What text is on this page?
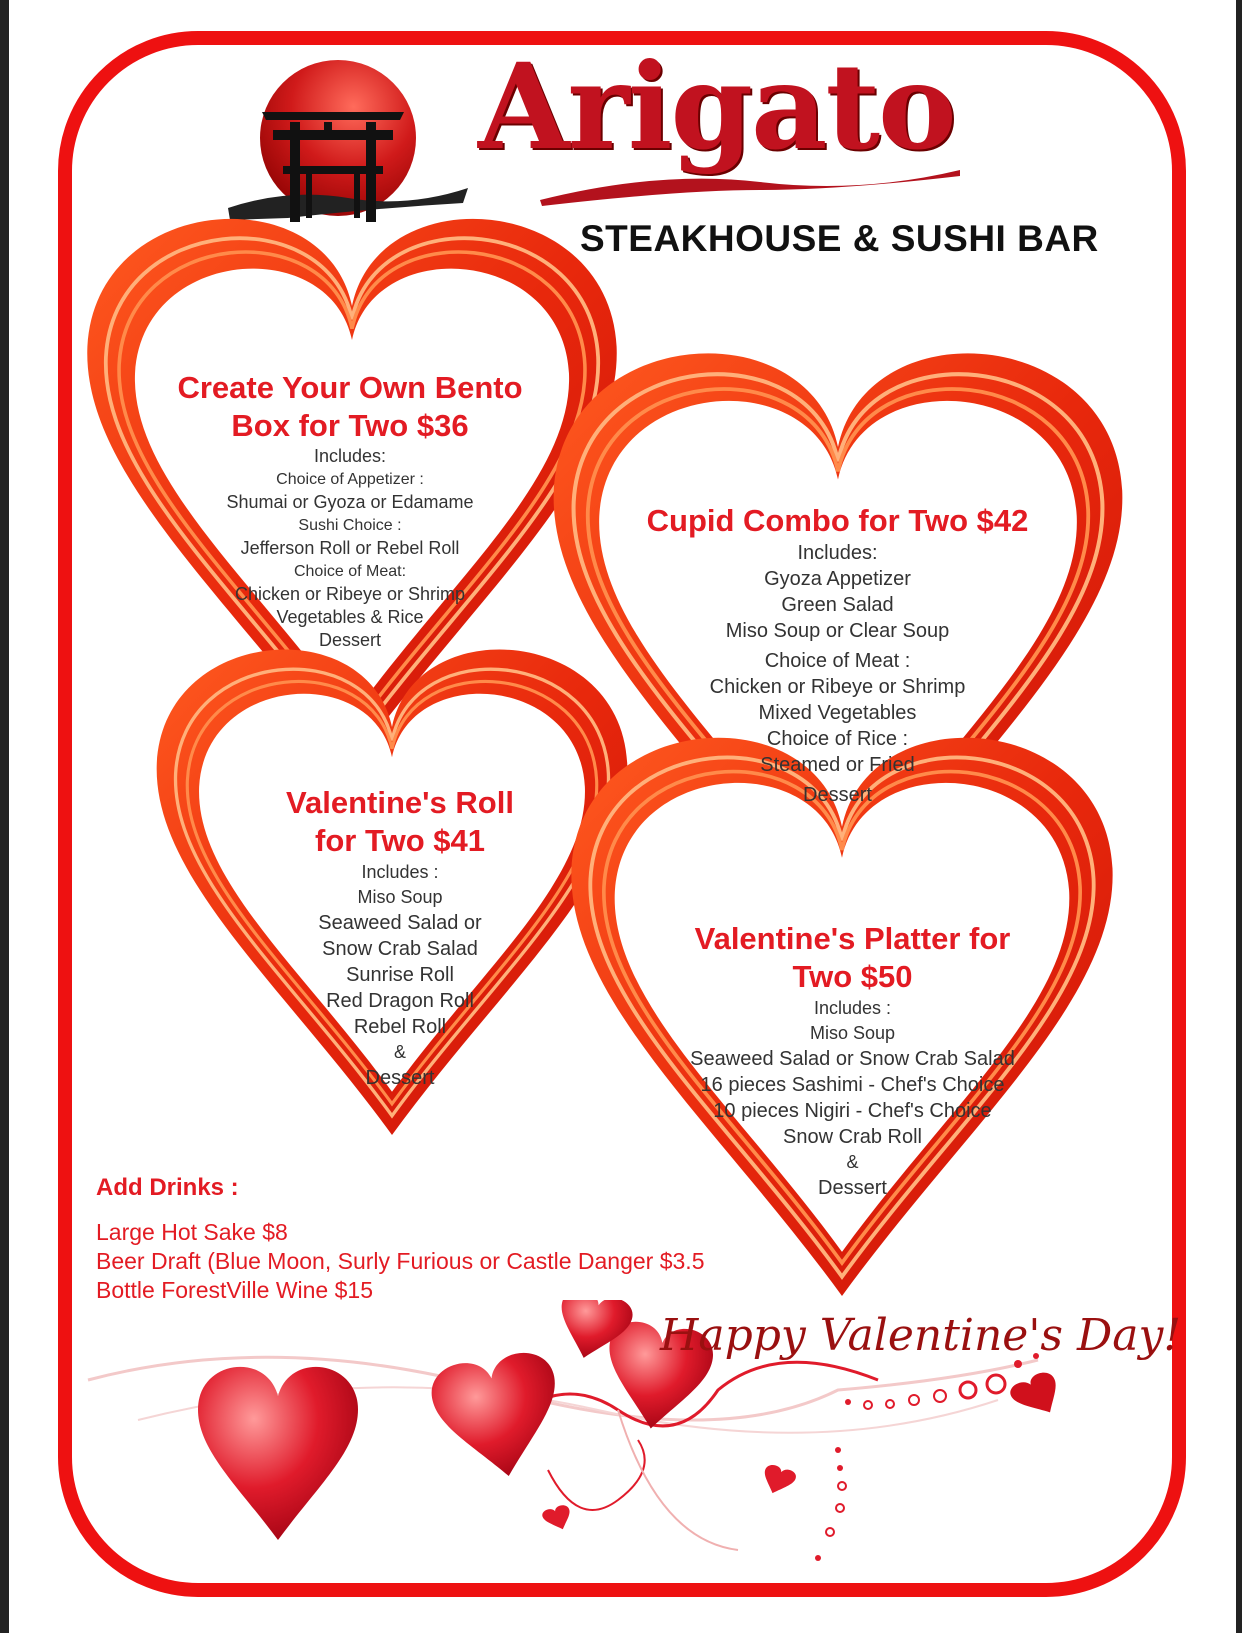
Arigato

STEAKHOUSE & SUSHI BAR

Create Your Own Bento
Box for Two $36

Includes:

Choice of Appetizer :

Shumai or Gyoza or Edamame

Sushi Choice :

Jefferson Roll or Rebel Roll

Choice of Meat:

Chicken or Ribeye or Shrimp

Vegetables & Rice

Dessert

Cupid Combo for Two $42

Includes:

Gyoza Appetizer

Green Salad

Miso Soup or Clear Soup

Choice of Meat :

Chicken or Ribeye or Shrimp

Mixed Vegetables

Choice of Rice :

Steamed or Fried

Dessert

Valentine's Roll
for Two $41

Includes :

Miso Soup

Seaweed Salad or

Snow Crab Salad

Sunrise Roll

Red Dragon Roll

Rebel Roll

&

Dessert

Valentine's Platter for
Two $50

Includes :

Miso Soup

Seaweed Salad or Snow Crab Salad

16 pieces Sashimi - Chef's Choice

10 pieces Nigiri - Chef's Choice

Snow Crab Roll

&

Dessert

Add Drinks :

Large Hot Sake $8

Beer Draft (Blue Moon, Surly Furious or Castle Danger $3.5

Bottle ForestVille Wine $15

Happy Valentine's Day!
